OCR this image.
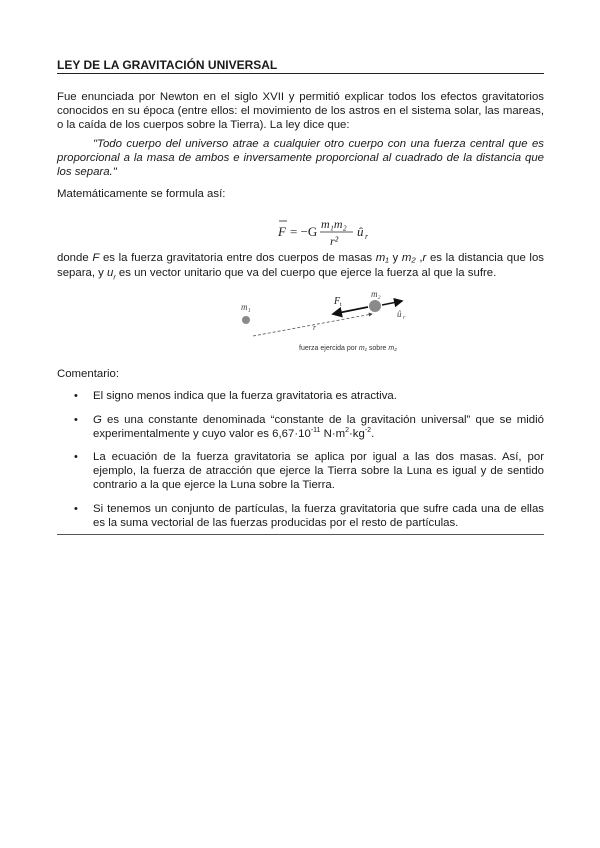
LEY DE LA GRAVITACIÓN UNIVERSAL

Fue enunciada por Newton en el siglo XVII y permitió explicar todos los efectos gravitatorios conocidos en su época (entre ellos: el movimiento de los astros en el sistema solar, las mareas, o la caída de los cuerpos sobre la Tierra). La ley dice que:

"Todo cuerpo del universo atrae a cualquier otro cuerpo con una fuerza central que es proporcional a la masa de ambos e inversamente proporcional al cuadrado de la distancia que los separa."

Matemáticamente se formula así:

F = −G m₁m₂
r²
û r

donde F es la fuerza gravitatoria entre dos cuerpos de masas m₁ y m₂ ,r es la distancia que los separa, y $u_r$ es un vector unitario que va del cuerpo que ejerce la fuerza al que la sufre.

m₁
m₂
r
F t
û r
fuerza ejercida por m₁ sobre m₂

Comentario:

• El signo menos indica que la fuerza gravitatoria es atractiva.
• G es una constante denominada “constante de la gravitación universal” que se midió experimentalmente y cuyo valor es $6,67\cdot 10^{-11}$ $N\cdot m^2\cdot kg^{-2}$.
• La ecuación de la fuerza gravitatoria se aplica por igual a las dos masas. Así, por ejemplo, la fuerza de atracción que ejerce la Tierra sobre la Luna es igual y de sentido contrario a la que ejerce la Luna sobre la Tierra.
• Si tenemos un conjunto de partículas, la fuerza gravitatoria que sufre cada una de ellas es la suma vectorial de las fuerzas producidas por el resto de partículas.
